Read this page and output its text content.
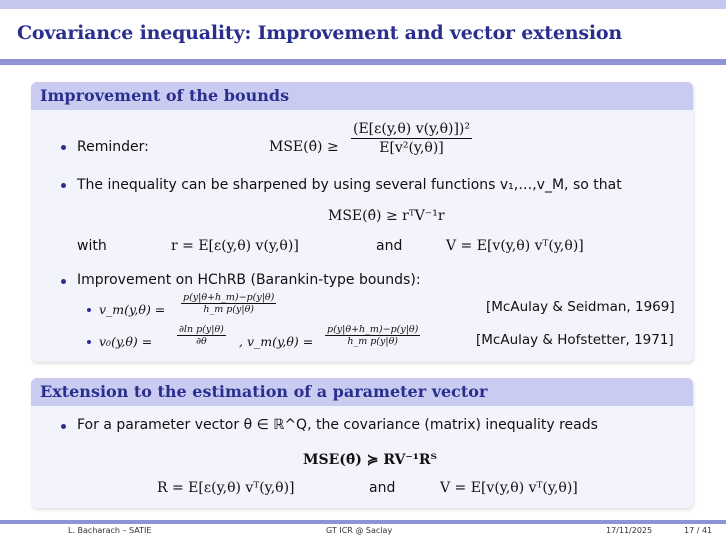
Covariance inequality: Improvement and vector extension
Improvement of the bounds
Reminder:	MSE(θ̂) ≥ $\frac{\text{(E[ε(y,θ) v(y,θ)])²}}{\text{E[v²(y,θ)]}}$
The inequality can be sharpened by using several functions v₁,…,v_M, so that
MSE(θ̂) ≥ rᵀV⁻¹r
with	r = E[ε(y,θ) v(y,θ)]	and	V = E[v(y,θ) vᵀ(y,θ)]
Improvement on HChRB (Barankin-type bounds):
v_m(y,θ) = $\frac{p(y|\theta+h\_m)-p(y|\theta)}{\text{h\_m p(y|θ)}}$	[McAulay & Seidman, 1969]
v₀(y,θ) =	$\frac{\text{∂ln p(y|θ)}}{\partial\theta}$ , v_m(y,θ) = $\frac{p(y|\theta+h\_m)-p(y|\theta)}{\text{h\_m p(y|θ)}}$	[McAulay & Hofstetter, 1971]
Extension to the estimation of a parameter vector
For a parameter vector θ ∈ ℝ^Q, the covariance (matrix) inequality reads
MSE(θ̂) ≽ RV⁻¹Rᵀ
R = E[ε(y,θ) vᵀ(y,θ)]	and	V = E[v(y,θ) vᵀ(y,θ)]
L. Bacharach – SATIE	GT ICR @ Saclay	17/11/2025	17 / 41
